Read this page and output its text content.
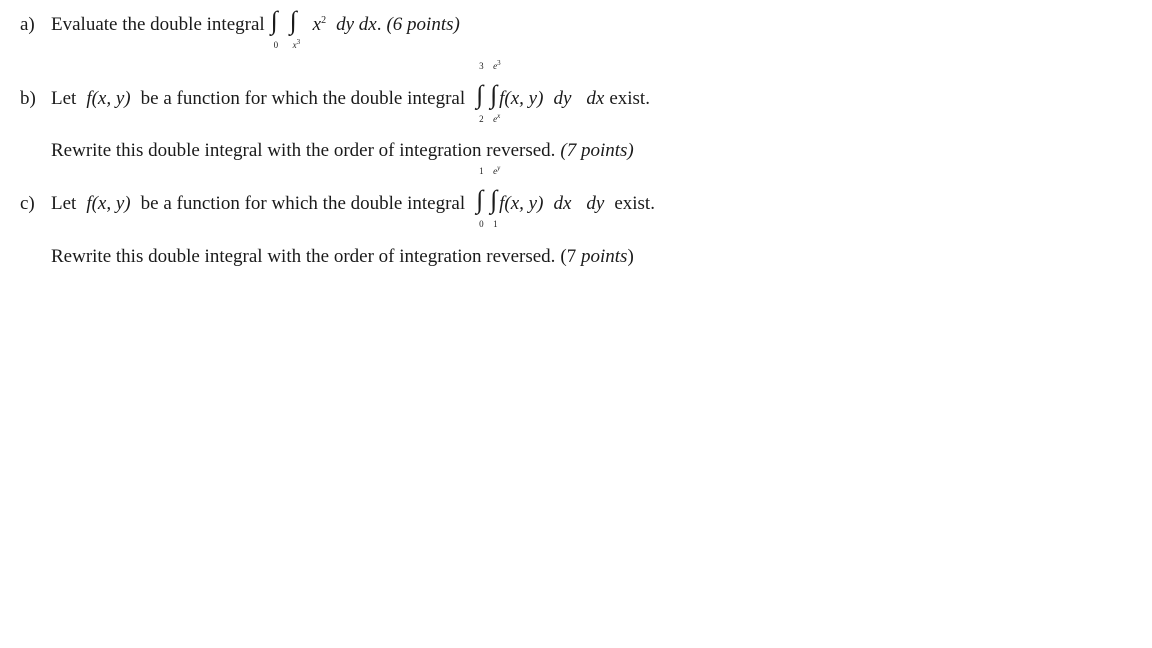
a) Evaluate the double integral ∫
0
∫
$x^3$
$x^2$ dy dx . (6 points)
b) Let f(x, y) be a function for which the double integral ∫
3
2
∫
$e^3$
$e^x$
f(x, y) dy dx exist.
Rewrite this double integral with the order of integration reversed. (7 points)
c) Let f(x, y) be a function for which the double integral ∫
1
0
∫
$e^y$
1
f(x, y) dx dy exist.
Rewrite this double integral with the order of integration reversed. (7 points)
